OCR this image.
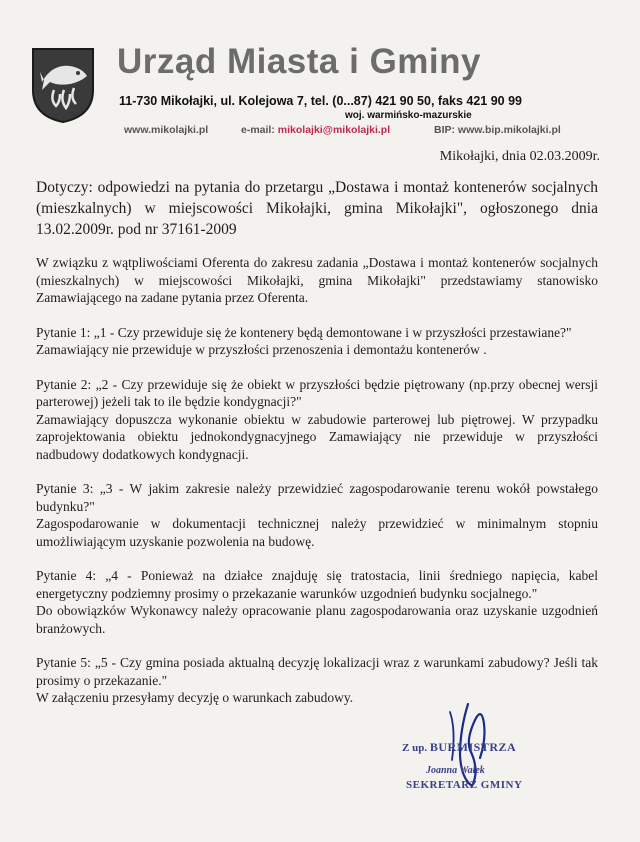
Urząd Miasta i Gminy
11-730 Mikołajki, ul. Kolejowa 7, tel. (0...87) 421 90 50, faks 421 90 99
woj. warmińsko-mazurskie
www.mikolajki.pl	e-mail: mikolajki@mikolajki.pl	BIP: www.bip.mikolajki.pl
Mikołajki, dnia 02.03.2009r.
Dotyczy: odpowiedzi na pytania do przetargu „Dostawa i montaż kontenerów socjalnych (mieszkalnych) w miejscowości Mikołajki, gmina Mikołajki", ogłoszonego dnia 13.02.2009r. pod nr 37161-2009

W związku z wątpliwościami Oferenta do zakresu zadania „Dostawa i montaż kontenerów socjalnych (mieszkalnych) w miejscowości Mikołajki, gmina Mikołajki" przedstawiamy stanowisko Zamawiającego na zadane pytania przez Oferenta.

Pytanie 1: „1 - Czy przewiduje się że kontenery będą demontowane i w przyszłości przestawiane?"
Zamawiający nie przewiduje w przyszłości przenoszenia i demontażu kontenerów .

Pytanie 2: „2 - Czy przewiduje się że obiekt w przyszłości będzie piętrowany (np.przy obecnej wersji parterowej) jeżeli tak to ile będzie kondygnacji?"
Zamawiający dopuszcza wykonanie obiektu w zabudowie parterowej lub piętrowej. W przypadku zaprojektowania obiektu jednokondygnacyjnego Zamawiający nie przewiduje w przyszłości nadbudowy dodatkowych kondygnacji.

Pytanie 3: „3 - W jakim zakresie należy przewidzieć zagospodarowanie terenu wokół powstałego budynku?"
Zagospodarowanie w dokumentacji technicznej należy przewidzieć w minimalnym stopniu umożliwiającym uzyskanie pozwolenia na budowę.

Pytanie 4: „4 - Ponieważ na działce znajduję się tratostacia, linii średniego napięcia, kabel energetyczny podziemny prosimy o przekazanie warunków uzgodnień budynku socjalnego."
Do obowiązków Wykonawcy należy opracowanie planu zagospodarowania oraz uzyskanie uzgodnień branżowych.

Pytanie 5: „5 - Czy gmina posiada aktualną decyzję lokalizacji wraz z warunkami zabudowy? Jeśli tak prosimy o przekazanie."
W załączeniu przesyłamy decyzję o warunkach zabudowy.

Z up. BURMISTRZA
Joanna Wałek
SEKRETARZ GMINY
